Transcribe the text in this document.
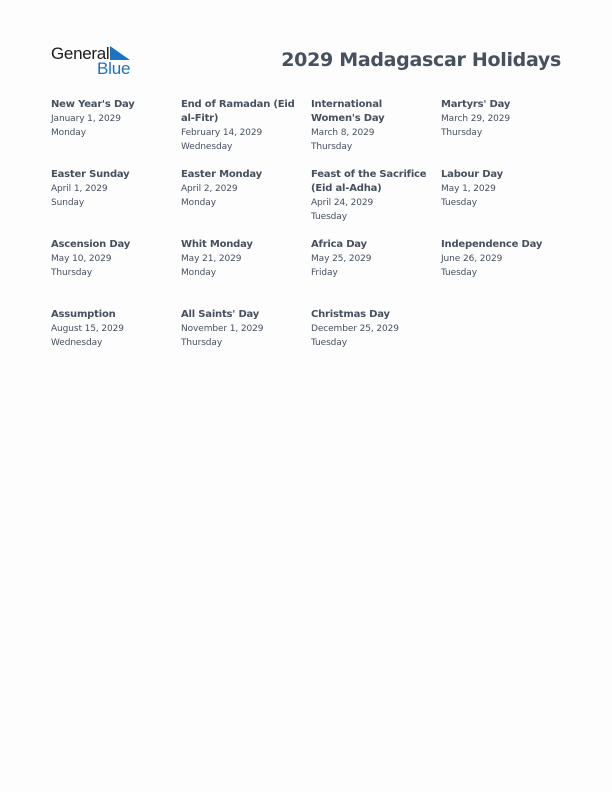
General
Blue	2029 Madagascar Holidays
New Year's Day
January 1, 2029
Monday
End of Ramadan (Eid al-Fitr)
February 14, 2029
Wednesday
International Women's Day
March 8, 2029
Thursday
Martyrs' Day
March 29, 2029
Thursday
Easter Sunday
April 1, 2029
Sunday
Easter Monday
April 2, 2029
Monday
Feast of the Sacrifice (Eid al-Adha)
April 24, 2029
Tuesday
Labour Day
May 1, 2029
Tuesday
Ascension Day
May 10, 2029
Thursday
Whit Monday
May 21, 2029
Monday
Africa Day
May 25, 2029
Friday
Independence Day
June 26, 2029
Tuesday
Assumption
August 15, 2029
Wednesday
All Saints' Day
November 1, 2029
Thursday
Christmas Day
December 25, 2029
Tuesday
